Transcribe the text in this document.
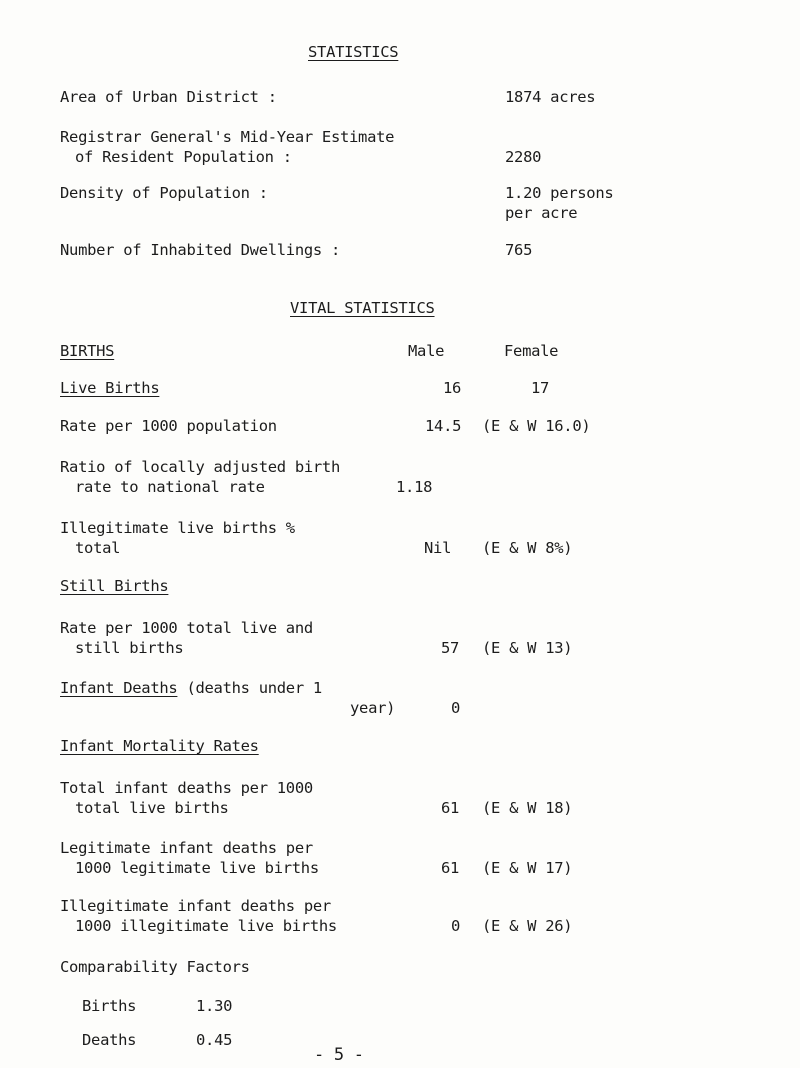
STATISTICS
Area of Urban District :	1874 acres
Registrar General's Mid-Year Estimate
of Resident Population :	2280
Density of Population :	1.20 persons
per acre
Number of Inhabited Dwellings :	765
VITAL STATISTICS
BIRTHS	Male	Female
Live Births	16	17
Rate per 1000 population	14.5 (E & W 16.0)
Ratio of locally adjusted birth
rate to national rate	1.18
Illegitimate live births %
total	Nil (E & W 8%)
Still Births
Rate per 1000 total live and
still births	57 (E & W 13)
Infant Deaths (deaths under 1
year)	0
Infant Mortality Rates
Total infant deaths per 1000
total live births	61 (E & W 18)
Legitimate infant deaths per
1000 legitimate live births	61 (E & W 17)
Illegitimate infant deaths per
1000 illegitimate live births	0 (E & W 26)
Comparability Factors
Births	1.30
Deaths	0.45
- 5 -
